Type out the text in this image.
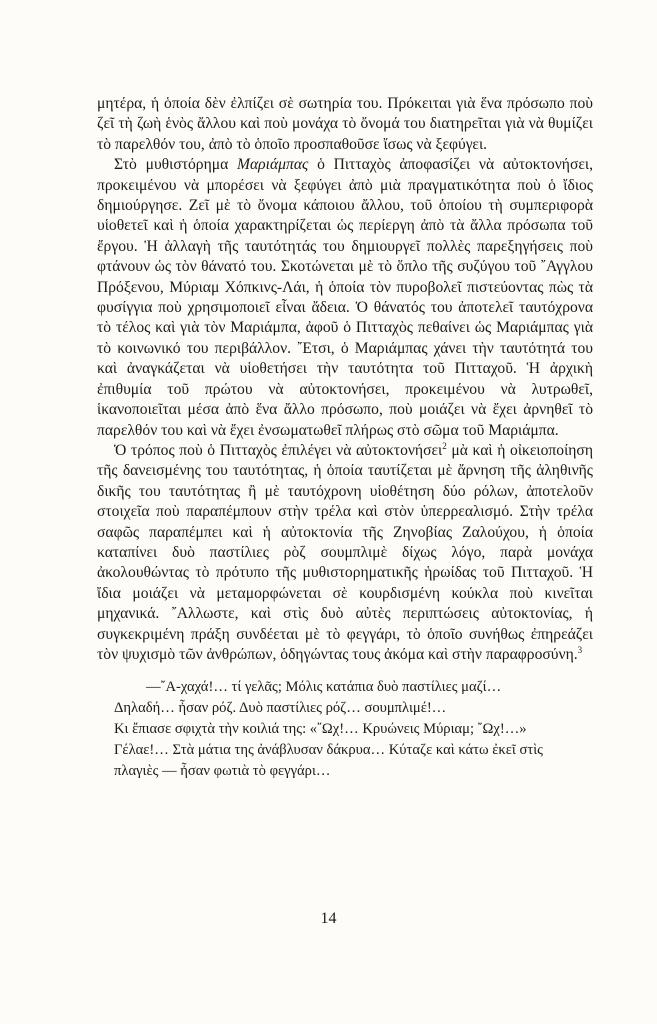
μητέρα, ἡ ὁποία δὲν ἐλπίζει σὲ σωτηρία του. Πρόκειται γιὰ ἕνα πρόσωπο ποὺ ζεῖ τὴ ζωὴ ἑνὸς ἄλλου καὶ ποὺ μονάχα τὸ ὄνομά του διατηρεῖται γιὰ νὰ θυμίζει τὸ παρελθόν του, ἀπὸ τὸ ὁποῖο προσπαθοῦσε ἴσως νὰ ξεφύγει.

Στὸ μυθιστόρημα Μαριάμπας ὁ Πιτταχὸς ἀποφασίζει νὰ αὐτοκτονήσει, προκειμένου νὰ μπορέσει νὰ ξεφύγει ἀπὸ μιὰ πραγματικότητα ποὺ ὁ ἴδιος δημιούργησε. Ζεῖ μὲ τὸ ὄνομα κάποιου ἄλλου, τοῦ ὁποίου τὴ συμπεριφορὰ υἱοθετεῖ καὶ ἡ ὁποία χαρακτηρίζεται ὡς περίεργη ἀπὸ τὰ ἄλλα πρόσωπα τοῦ ἔργου. Ἡ ἀλλαγὴ τῆς ταυτότητάς του δημιουργεῖ πολλὲς παρεξηγήσεις ποὺ φτάνουν ὡς τὸν θάνατό του. Σκοτώνεται μὲ τὸ ὅπλο τῆς συζύγου τοῦ ῎Αγγλου Πρόξενου, Μύριαμ Χόπκινς-Λάι, ἡ ὁποία τὸν πυροβολεῖ πιστεύοντας πὼς τὰ φυσίγγια ποὺ χρησιμοποιεῖ εἶναι ἄδεια. Ὁ θάνατός του ἀποτελεῖ ταυτόχρονα τὸ τέλος καὶ γιὰ τὸν Μαριάμπα, ἀφοῦ ὁ Πιτταχὸς πεθαίνει ὡς Μαριάμπας γιὰ τὸ κοινωνικό του περιβάλλον. ῎Ετσι, ὁ Μαριάμπας χάνει τὴν ταυτότητά του καὶ ἀναγκάζεται νὰ υἱοθετήσει τὴν ταυτότητα τοῦ Πιτταχοῦ. Ἡ ἀρχικὴ ἐπιθυμία τοῦ πρώτου νὰ αὐτοκτονήσει, προκειμένου νὰ λυτρωθεῖ, ἱκανοποιεῖται μέσα ἀπὸ ἕνα ἄλλο πρόσωπο, ποὺ μοιάζει νὰ ἔχει ἀρνηθεῖ τὸ παρελθόν του καὶ νὰ ἔχει ἐνσωματωθεῖ πλήρως στὸ σῶμα τοῦ Μαριάμπα.

Ὁ τρόπος ποὺ ὁ Πιτταχὸς ἐπιλέγει νὰ αὐτοκτονήσει$^2$ μὰ καὶ ἡ οἰκειοποίηση τῆς δανεισμένης του ταυτότητας, ἡ ὁποία ταυτίζεται μὲ ἄρνηση τῆς ἀληθινῆς δικῆς του ταυτότητας ἢ μὲ ταυτόχρονη υἱοθέτηση δύο ρόλων, ἀποτελοῦν στοιχεῖα ποὺ παραπέμπουν στὴν τρέλα καὶ στὸν ὑπερρεαλισμό. Στὴν τρέλα σαφῶς παραπέμπει καὶ ἡ αὐτοκτονία τῆς Ζηνοβίας Ζαλούχου, ἡ ὁποία καταπίνει δυὸ παστίλιες ρὸζ σουμπλιμὲ δίχως λόγο, παρὰ μονάχα ἀκολουθώντας τὸ πρότυπο τῆς μυθιστορηματικῆς ἡρωίδας τοῦ Πιτταχοῦ. Ἡ ἴδια μοιάζει νὰ μεταμορφώνεται σὲ κουρδισμένη κούκλα ποὺ κινεῖται μηχανικά. ῎Αλλωστε, καὶ στὶς δυὸ αὐτὲς περιπτώσεις αὐτοκτονίας, ἡ συγκεκριμένη πράξη συνδέεται μὲ τὸ φεγγάρι, τὸ ὁποῖο συνήθως ἐπηρεάζει τὸν ψυχισμὸ τῶν ἀνθρώπων, ὁδηγώντας τους ἀκόμα καὶ στὴν παραφροσύνη.$^3$

—῎Α-χαχά!… τί γελᾶς; Μόλις κατάπια δυὸ παστίλιες μαζί…

Δηλαδή… ἦσαν ρόζ. Δυὸ παστίλιες ρόζ… σουμπλιμέ!…

Κι ἔπιασε σφιχτὰ τὴν κοιλιά της: «῎Ωχ!… Κρυώνεις Μύριαμ; ῎Ωχ!…»

Γέλαε!… Στὰ μάτια της ἀνάβλυσαν δάκρυα… Κύταζε καὶ κάτω ἐκεῖ στὶς

πλαγιὲς — ἦσαν φωτιὰ τὸ φεγγάρι…

14
